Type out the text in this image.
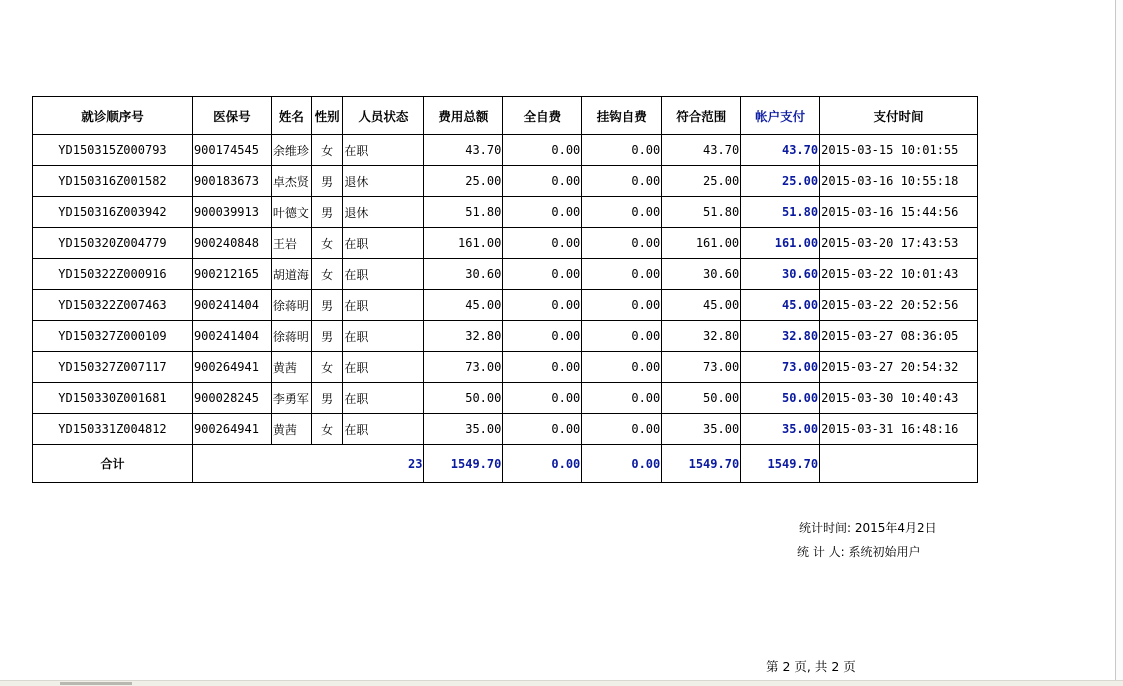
就诊顺序号	医保号	姓名	性别	人员状态	费用总额	全自费	挂钩自费	符合范围	帐户支付	支付时间
YD150315Z000793	900174545	余维珍	女	在职	43.70	0.00	0.00	43.70	43.70	2015-03-15 10:01:55
YD150316Z001582	900183673	卓杰贤	男	退休	25.00	0.00	0.00	25.00	25.00	2015-03-16 10:55:18
YD150316Z003942	900039913	叶德文	男	退休	51.80	0.00	0.00	51.80	51.80	2015-03-16 15:44:56
YD150320Z004779	900240848	王岩	女	在职	161.00	0.00	0.00	161.00	161.00	2015-03-20 17:43:53
YD150322Z000916	900212165	胡道海	女	在职	30.60	0.00	0.00	30.60	30.60	2015-03-22 10:01:43
YD150322Z007463	900241404	徐蒋明	男	在职	45.00	0.00	0.00	45.00	45.00	2015-03-22 20:52:56
YD150327Z000109	900241404	徐蒋明	男	在职	32.80	0.00	0.00	32.80	32.80	2015-03-27 08:36:05
YD150327Z007117	900264941	黄茜	女	在职	73.00	0.00	0.00	73.00	73.00	2015-03-27 20:54:32
YD150330Z001681	900028245	李勇军	男	在职	50.00	0.00	0.00	50.00	50.00	2015-03-30 10:40:43
YD150331Z004812	900264941	黄茜	女	在职	35.00	0.00	0.00	35.00	35.00	2015-03-31 16:48:16
合计	23				1549.70	0.00	0.00	1549.70	1549.70	
统计时间: 2015年4月2日
统 计 人: 系统初始用户
第 2 页, 共 2 页
